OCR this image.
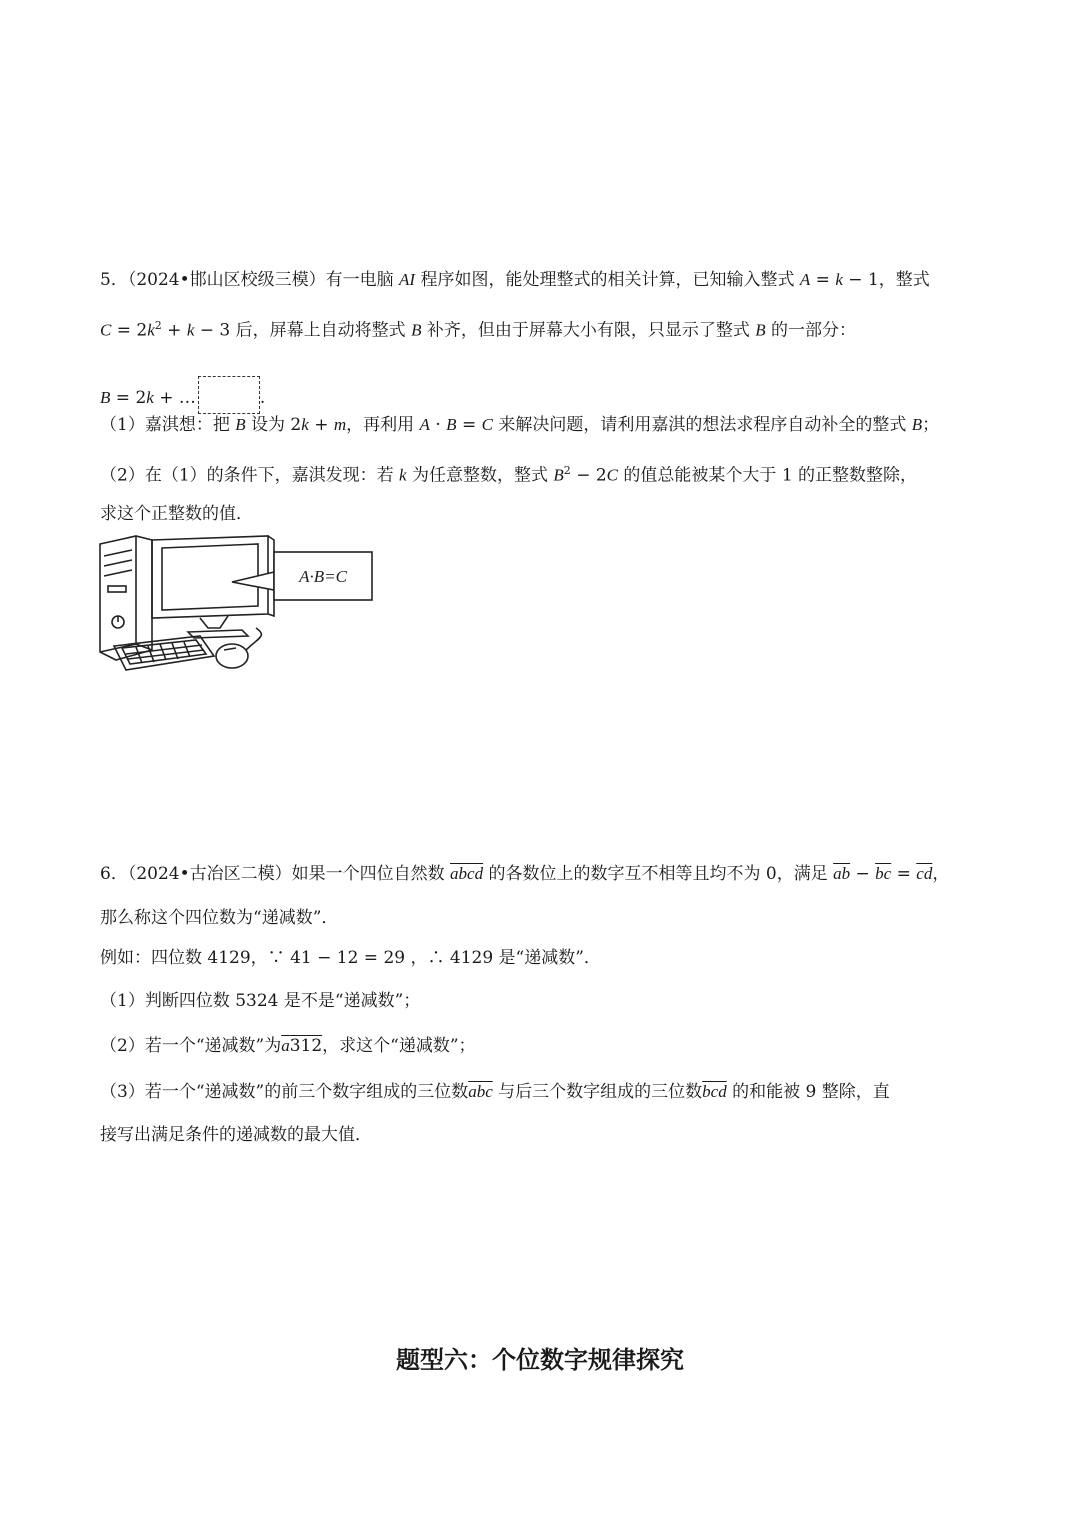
5．（2024•邯山区校级三模）有一电脑 AI 程序如图，能处理整式的相关计算，已知输入整式 A = k − 1，整式
$C = 2k^2 + k - 3$ 后，屏幕上自动将整式 B 补齐，但由于屏幕大小有限，只显示了整式 B 的一部分：
B = 2k + …	.
（1）嘉淇想：把 B 设为 2k + m，再利用 A · B = C 来解决问题，请利用嘉淇的想法求程序自动补全的整式 B；
（2）在（1）的条件下，嘉淇发现：若 k 为任意整数，整式 $B^2 - 2C$ 的值总能被某个大于 1 的正整数整除，
求这个正整数的值．
A·B=C
6．（2024•古冶区二模）如果一个四位自然数 abcd 的各数位上的数字互不相等且均不为 0，满足 $\overline{ab} - \overline{bc} = \overline{cd}$，
那么称这个四位数为“递减数”．
例如：四位数 4129，∵ 41 − 12 = 29 ，∴ 4129 是“递减数”．
（1）判断四位数 5324 是不是“递减数”；
（2）若一个“递减数”为a312，求这个“递减数”；
（3）若一个“递减数”的前三个数字组成的三位数$\overline{abc}$ 与后三个数字组成的三位数$\overline{bcd}$ 的和能被 9 整除，直
接写出满足条件的递减数的最大值．
题型六：个位数字规律探究
